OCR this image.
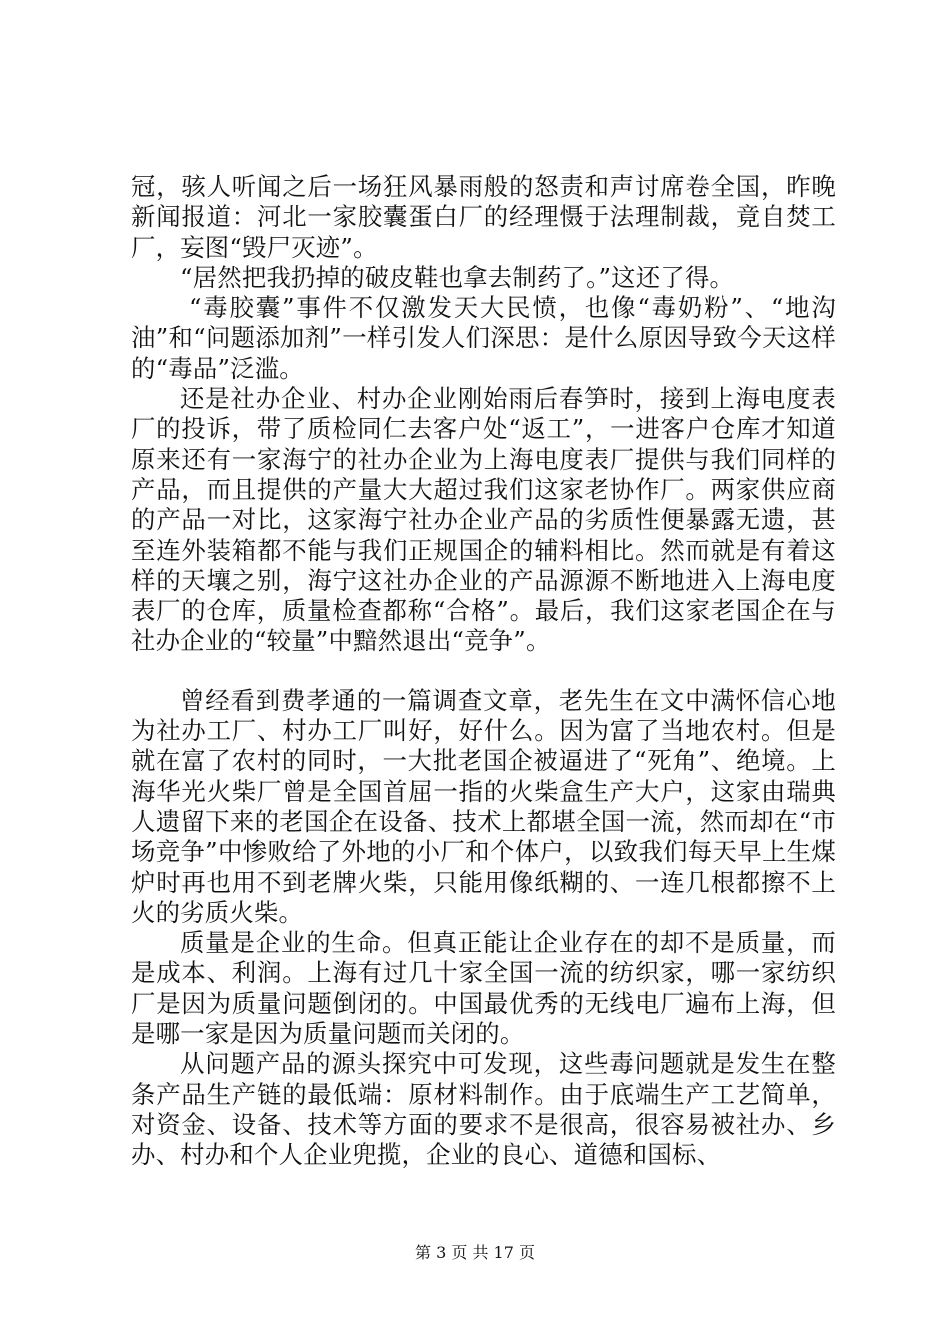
冠，骇人听闻之后一场狂风暴雨般的怒责和声讨席卷全国，昨晚新闻报道：河北一家胶囊蛋白厂的经理慑于法理制裁，竟自焚工厂，妄图“毁尸灭迹”。

“居然把我扔掉的破皮鞋也拿去制药了。”这还了得。

“毒胶囊”事件不仅激发天大民愤，也像“毒奶粉”、“地沟油”和“问题添加剂”一样引发人们深思：是什么原因导致今天这样的“毒品”泛滥。

还是社办企业、村办企业刚始雨后春笋时，接到上海电度表厂的投诉，带了质检同仁去客户处“返工”，一进客户仓库才知道原来还有一家海宁的社办企业为上海电度表厂提供与我们同样的产品，而且提供的产量大大超过我们这家老协作厂。两家供应商的产品一对比，这家海宁社办企业产品的劣质性便暴露无遗，甚至连外装箱都不能与我们正规国企的辅料相比。然而就是有着这样的天壤之别，海宁这社办企业的产品源源不断地进入上海电度表厂的仓库，质量检查都称“合格”。最后，我们这家老国企在与社办企业的“较量”中黯然退出“竞争”。

曾经看到费孝通的一篇调查文章，老先生在文中满怀信心地为社办工厂、村办工厂叫好，好什么。因为富了当地农村。但是就在富了农村的同时，一大批老国企被逼进了“死角”、绝境。上海华光火柴厂曾是全国首屈一指的火柴盒生产大户，这家由瑞典人遗留下来的老国企在设备、技术上都堪全国一流，然而却在“市场竞争”中惨败给了外地的小厂和个体户，以致我们每天早上生煤炉时再也用不到老牌火柴，只能用像纸糊的、一连几根都擦不上火的劣质火柴。

质量是企业的生命。但真正能让企业存在的却不是质量，而是成本、利润。上海有过几十家全国一流的纺织家，哪一家纺织厂是因为质量问题倒闭的。中国最优秀的无线电厂遍布上海，但是哪一家是因为质量问题而关闭的。

从问题产品的源头探究中可发现，这些毒问题就是发生在整条产品生产链的最低端：原材料制作。由于底端生产工艺简单，对资金、设备、技术等方面的要求不是很高，很容易被社办、乡办、村办和个人企业兜揽，企业的良心、道德和国标、

第 3 页 共 17 页
